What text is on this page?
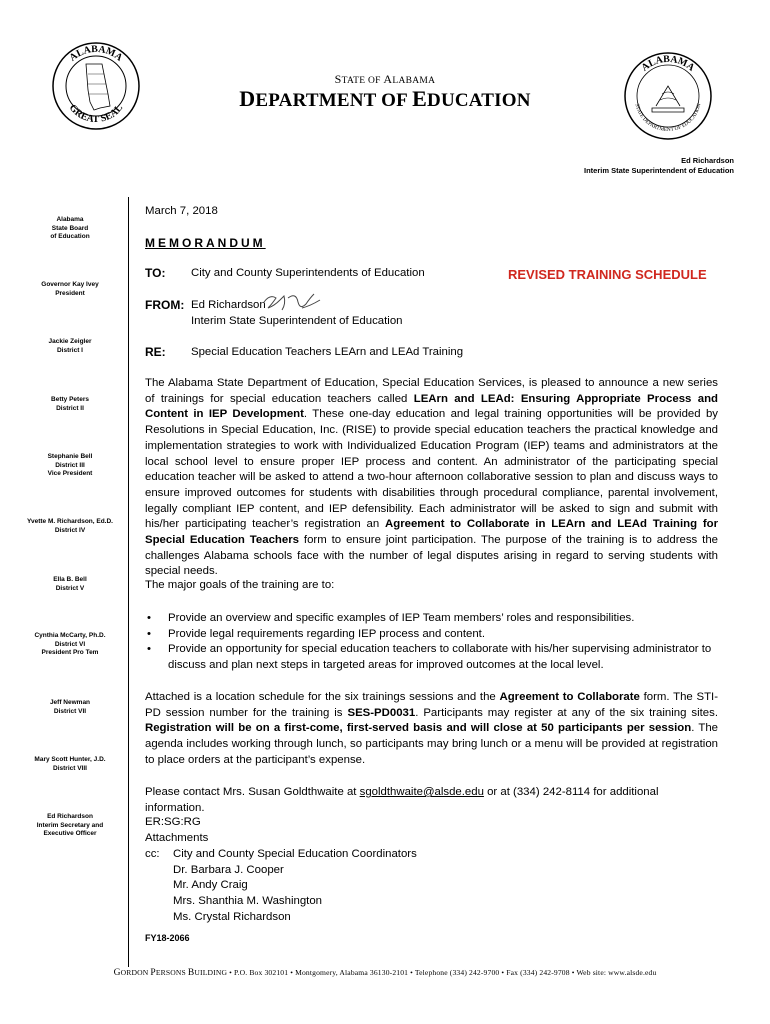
ALABAMA
GREAT SEAL
ALABAMA
STATE DEPARTMENT OF EDUCATION
STATE OF ALABAMA
DEPARTMENT OF EDUCATION
Ed Richardson
Interim State Superintendent of Education
Alabama
State Board
of Education
Governor Kay Ivey
President
Jackie Zeigler
District I
Betty Peters
District II
Stephanie Bell
District III
Vice President
Yvette M. Richardson, Ed.D.
District IV
Ella B. Bell
District V
Cynthia McCarty, Ph.D.
District VI
President Pro Tem
Jeff Newman
District VII
Mary Scott Hunter, J.D.
District VIII
Ed Richardson
Interim Secretary and
Executive Officer
March 7, 2018
MEMORANDUM
TO: City and County Superintendents of Education	REVISED TRAINING SCHEDULE
FROM: Ed Richardson
Interim State Superintendent of Education
RE: Special Education Teachers LEArn and LEAd Training
The Alabama State Department of Education, Special Education Services, is pleased to announce a new series of trainings for special education teachers called LEArn and LEAd: Ensuring Appropriate Process and Content in IEP Development. These one-day education and legal training opportunities will be provided by Resolutions in Special Education, Inc. (RISE) to provide special education teachers the practical knowledge and implementation strategies to work with Individualized Education Program (IEP) teams and administrators at the local school level to ensure proper IEP process and content. An administrator of the participating special education teacher will be asked to attend a two-hour afternoon collaborative session to plan and discuss ways to ensure improved outcomes for students with disabilities through procedural compliance, parental involvement, legally compliant IEP content, and IEP defensibility. Each administrator will be asked to sign and submit with his/her participating teacher’s registration an Agreement to Collaborate in LEArn and LEAd Training for Special Education Teachers form to ensure joint participation. The purpose of the training is to address the challenges Alabama schools face with the number of legal disputes arising in regard to serving students with special needs.
The major goals of the training are to:
• Provide an overview and specific examples of IEP Team members’ roles and responsibilities.
• Provide legal requirements regarding IEP process and content.
• Provide an opportunity for special education teachers to collaborate with his/her supervising administrator to discuss and plan next steps in targeted areas for improved outcomes at the local level.
Attached is a location schedule for the six trainings sessions and the Agreement to Collaborate form. The STI-PD session number for the training is SES-PD0031. Participants may register at any of the six training sites. Registration will be on a first-come, first-served basis and will close at 50 participants per session. The agenda includes working through lunch, so participants may bring lunch or a menu will be provided at registration to place orders at the participant’s expense.
Please contact Mrs. Susan Goldthwaite at sgoldthwaite@alsde.edu or at (334) 242-8114 for additional information.
ER:SG:RG
Attachments
cc:	City and County Special Education Coordinators
Dr. Barbara J. Cooper
Mr. Andy Craig
Mrs. Shanthia M. Washington
Ms. Crystal Richardson
FY18-2066
GORDON PERSONS BUILDING • P.O. Box 302101 • Montgomery, Alabama 36130-2101 • Telephone (334) 242-9700 • Fax (334) 242-9708 • Web site: www.alsde.edu
